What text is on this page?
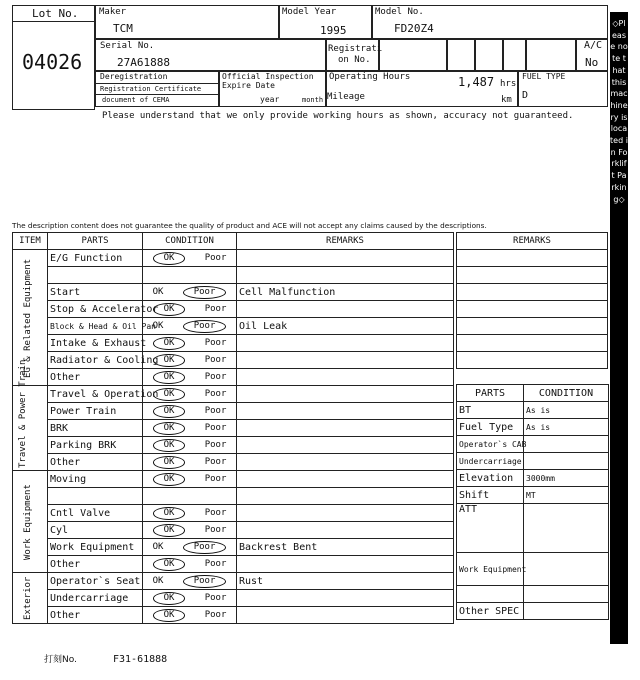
Lot No.
04026
Maker
TCM
Model Year
1995
Model No.
FD20Z4
Serial No.
27A61888
Registrati
on No.
A/C
No
Deregistration
Registration Certificate
document of CEMA
Official Inspection
Expire Date
year	month
Operating Hours	1,487 hrs
Mileage	km
FUEL TYPE
D
Please understand that we only provide working hours as shown, accuracy not guaranteed.
The description content does not guarantee the quality of product and ACE will not accept any claims caused by the descriptions.
ITEM	PARTS	CONDITION	REMARKS

EG & Related Equipment	E/G Function	OK Poor	

	Start	OK Poor	Cell Malfunction
	Stop & Accelerator	OK Poor	

	Block & Head & Oil Pan	OK Poor	Oil Leak
	Intake & Exhaust	OK Poor	

	Radiator & Cooling	OK Poor	

	Other	OK Poor	

Travel & Power Train	Travel & Operation	OK Poor	

	Power Train	OK Poor	

	BRK	OK Poor	

	Parking BRK	OK Poor	

	Other	OK Poor	

Work Equipment	Moving	OK Poor	

	Cntl Valve	OK Poor	

	Cyl	OK Poor	

	Work Equipment	OK Poor	Backrest Bent
	Other	OK Poor	

Exterior	Operator`s Seat	OK Poor	Rust
	Undercarriage	OK Poor	

	Other	OK Poor	

REMARKS

PARTS	CONDITION
BT	As is
Fuel Type	As is
Operator`s CAB	
Undercarriage	
Elevation	3000mm
Shift	MT
ATT	
Work Equipment	

Other SPEC	
打刻No.	F31-61888
◇Please note that this machinery is located in Forklift Parking◇
